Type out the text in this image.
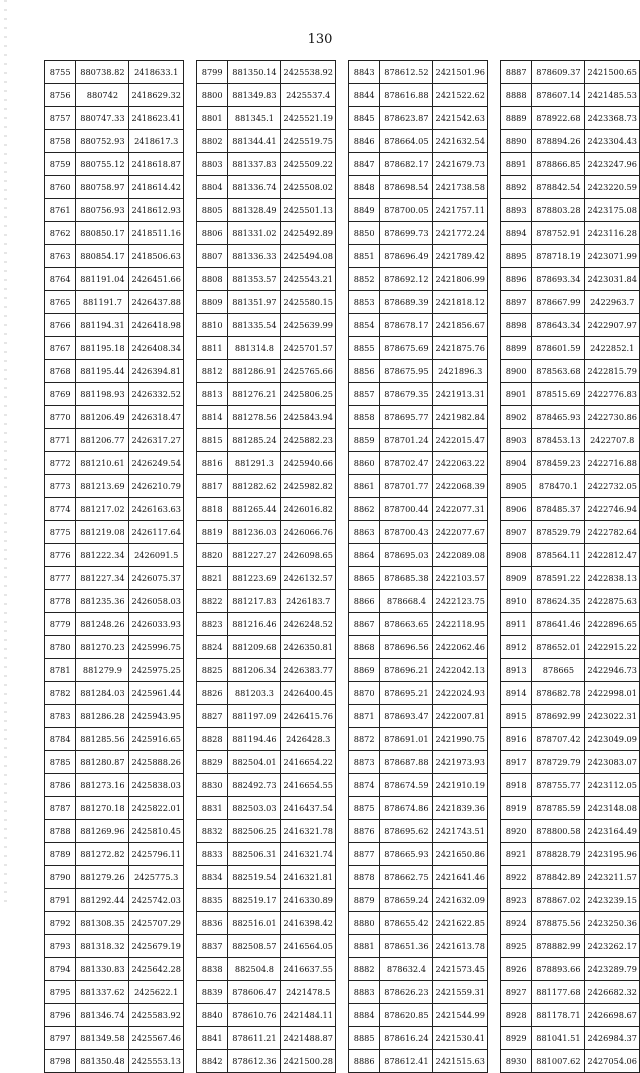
130
8755	880738.82	2418633.1
8756	880742	2418629.32
8757	880747.33	2418623.41
8758	880752.93	2418617.3
8759	880755.12	2418618.87
8760	880758.97	2418614.42
8761	880756.93	2418612.93
8762	880850.17	2418511.16
8763	880854.17	2418506.63
8764	881191.04	2426451.66
8765	881191.7	2426437.88
8766	881194.31	2426418.98
8767	881195.18	2426408.34
8768	881195.44	2426394.81
8769	881198.93	2426332.52
8770	881206.49	2426318.47
8771	881206.77	2426317.27
8772	881210.61	2426249.54
8773	881213.69	2426210.79
8774	881217.02	2426163.63
8775	881219.08	2426117.64
8776	881222.34	2426091.5
8777	881227.34	2426075.37
8778	881235.36	2426058.03
8779	881248.26	2426033.93
8780	881270.23	2425996.75
8781	881279.9	2425975.25
8782	881284.03	2425961.44
8783	881286.28	2425943.95
8784	881285.56	2425916.65
8785	881280.87	2425888.26
8786	881273.16	2425838.03
8787	881270.18	2425822.01
8788	881269.96	2425810.45
8789	881272.82	2425796.11
8790	881279.26	2425775.3
8791	881292.44	2425742.03
8792	881308.35	2425707.29
8793	881318.32	2425679.19
8794	881330.83	2425642.28
8795	881337.62	2425622.1
8796	881346.74	2425583.92
8797	881349.58	2425567.46
8798	881350.48	2425553.13
8799	881350.14	2425538.92
8800	881349.83	2425537.4
8801	881345.1	2425521.19
8802	881344.41	2425519.75
8803	881337.83	2425509.22
8804	881336.74	2425508.02
8805	881328.49	2425501.13
8806	881331.02	2425492.89
8807	881336.33	2425494.08
8808	881353.57	2425543.21
8809	881351.97	2425580.15
8810	881335.54	2425639.99
8811	881314.8	2425701.57
8812	881286.91	2425765.66
8813	881276.21	2425806.25
8814	881278.56	2425843.94
8815	881285.24	2425882.23
8816	881291.3	2425940.66
8817	881282.62	2425982.82
8818	881265.44	2426016.82
8819	881236.03	2426066.76
8820	881227.27	2426098.65
8821	881223.69	2426132.57
8822	881217.83	2426183.7
8823	881216.46	2426248.52
8824	881209.68	2426350.81
8825	881206.34	2426383.77
8826	881203.3	2426400.45
8827	881197.09	2426415.76
8828	881194.46	2426428.3
8829	882504.01	2416654.22
8830	882492.73	2416654.55
8831	882503.03	2416437.54
8832	882506.25	2416321.78
8833	882506.31	2416321.74
8834	882519.54	2416321.81
8835	882519.17	2416330.89
8836	882516.01	2416398.42
8837	882508.57	2416564.05
8838	882504.8	2416637.55
8839	878606.47	2421478.5
8840	878610.76	2421484.11
8841	878611.21	2421488.87
8842	878612.36	2421500.28
8843	878612.52	2421501.96
8844	878616.88	2421522.62
8845	878623.87	2421542.63
8846	878664.05	2421632.54
8847	878682.17	2421679.73
8848	878698.54	2421738.58
8849	878700.05	2421757.11
8850	878699.73	2421772.24
8851	878696.49	2421789.42
8852	878692.12	2421806.99
8853	878689.39	2421818.12
8854	878678.17	2421856.67
8855	878675.69	2421875.76
8856	878675.95	2421896.3
8857	878679.35	2421913.31
8858	878695.77	2421982.84
8859	878701.24	2422015.47
8860	878702.47	2422063.22
8861	878701.77	2422068.39
8862	878700.44	2422077.31
8863	878700.43	2422077.67
8864	878695.03	2422089.08
8865	878685.38	2422103.57
8866	878668.4	2422123.75
8867	878663.65	2422118.95
8868	878696.56	2422062.46
8869	878696.21	2422042.13
8870	878695.21	2422024.93
8871	878693.47	2422007.81
8872	878691.01	2421990.75
8873	878687.88	2421973.93
8874	878674.59	2421910.19
8875	878674.86	2421839.36
8876	878695.62	2421743.51
8877	878665.93	2421650.86
8878	878662.75	2421641.46
8879	878659.24	2421632.09
8880	878655.42	2421622.85
8881	878651.36	2421613.78
8882	878632.4	2421573.45
8883	878626.23	2421559.31
8884	878620.85	2421544.99
8885	878616.24	2421530.41
8886	878612.41	2421515.63
8887	878609.37	2421500.65
8888	878607.14	2421485.53
8889	878922.68	2423368.73
8890	878894.26	2423304.43
8891	878866.85	2423247.96
8892	878842.54	2423220.59
8893	878803.28	2423175.08
8894	878752.91	2423116.28
8895	878718.19	2423071.99
8896	878693.34	2423031.84
8897	878667.99	2422963.7
8898	878643.34	2422907.97
8899	878601.59	2422852.1
8900	878563.68	2422815.79
8901	878515.69	2422776.83
8902	878465.93	2422730.86
8903	878453.13	2422707.8
8904	878459.23	2422716.88
8905	878470.1	2422732.05
8906	878485.37	2422746.94
8907	878529.79	2422782.64
8908	878564.11	2422812.47
8909	878591.22	2422838.13
8910	878624.35	2422875.63
8911	878641.46	2422896.65
8912	878652.01	2422915.22
8913	878665	2422946.73
8914	878682.78	2422998.01
8915	878692.99	2423022.31
8916	878707.42	2423049.09
8917	878729.79	2423083.07
8918	878755.77	2423112.05
8919	878785.59	2423148.08
8920	878800.58	2423164.49
8921	878828.79	2423195.96
8922	878842.89	2423211.57
8923	878867.02	2423239.15
8924	878875.56	2423250.36
8925	878882.99	2423262.17
8926	878893.66	2423289.79
8927	881177.68	2426682.32
8928	881178.71	2426698.67
8929	881041.51	2426984.37
8930	881007.62	2427054.06
